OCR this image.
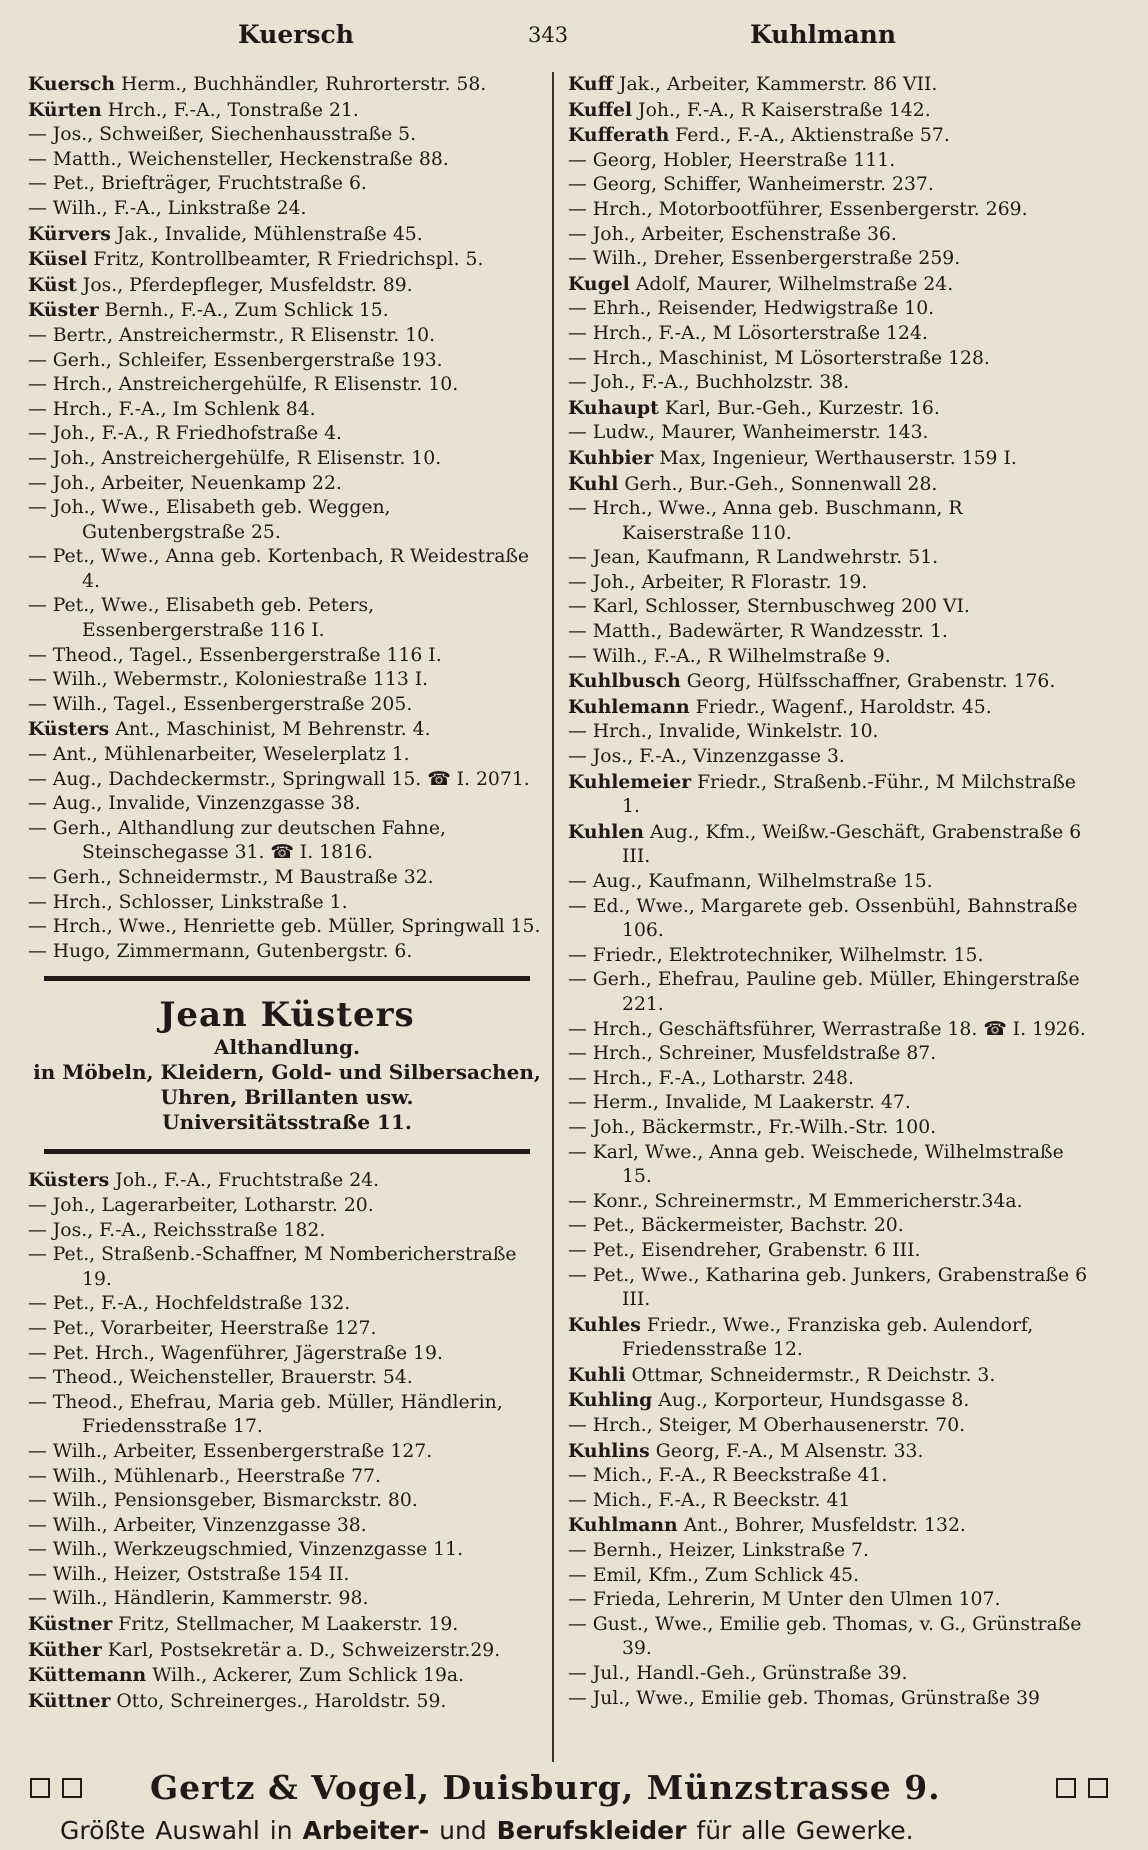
Kuersch	343	Kuhlmann
Kuersch Herm., Buchhändler, Ruhrorterstr. 58.
Kürten Hrch., F.-A., Tonstraße 21.
— Jos., Schweißer, Siechenhausstraße 5.
— Matth., Weichensteller, Heckenstraße 88.
— Pet., Briefträger, Fruchtstraße 6.
— Wilh., F.-A., Linkstraße 24.
Kürvers Jak., Invalide, Mühlenstraße 45.
Küsel Fritz, Kontrollbeamter, R Friedrichspl. 5.
Küst Jos., Pferdepfleger, Musfeldstr. 89.
Küster Bernh., F.-A., Zum Schlick 15.
— Bertr., Anstreichermstr., R Elisenstr. 10.
— Gerh., Schleifer, Essenbergerstraße 193.
— Hrch., Anstreichergehülfe, R Elisenstr. 10.
— Hrch., F.-A., Im Schlenk 84.
— Joh., F.-A., R Friedhofstraße 4.
— Joh., Anstreichergehülfe, R Elisenstr. 10.
— Joh., Arbeiter, Neuenkamp 22.
— Joh., Wwe., Elisabeth geb. Weggen, Gutenbergstraße 25.
— Pet., Wwe., Anna geb. Kortenbach, R Weidestraße 4.
— Pet., Wwe., Elisabeth geb. Peters, Essenbergerstraße 116 I.
— Theod., Tagel., Essenbergerstraße 116 I.
— Wilh., Webermstr., Koloniestraße 113 I.
— Wilh., Tagel., Essenbergerstraße 205.
Küsters Ant., Maschinist, M Behrenstr. 4.
— Ant., Mühlenarbeiter, Weselerplatz 1.
— Aug., Dachdeckermstr., Springwall 15. ☎ I. 2071.
— Aug., Invalide, Vinzenzgasse 38.
— Gerh., Althandlung zur deutschen Fahne, Steinschegasse 31. ☎ I. 1816.
— Gerh., Schneidermstr., M Baustraße 32.
— Hrch., Schlosser, Linkstraße 1.
— Hrch., Wwe., Henriette geb. Müller, Springwall 15.
— Hugo, Zimmermann, Gutenbergstr. 6.
Jean Küsters
Althandlung.
in Möbeln, Kleidern, Gold- und Silbersachen,
Uhren, Brillanten usw.
Universitätsstraße 11.
Küsters Joh., F.-A., Fruchtstraße 24.
— Joh., Lagerarbeiter, Lotharstr. 20.
— Jos., F.-A., Reichsstraße 182.
— Pet., Straßenb.-Schaffner, M Nombericherstraße 19.
— Pet., F.-A., Hochfeldstraße 132.
— Pet., Vorarbeiter, Heerstraße 127.
— Pet. Hrch., Wagenführer, Jägerstraße 19.
— Theod., Weichensteller, Brauerstr. 54.
— Theod., Ehefrau, Maria geb. Müller, Händlerin, Friedensstraße 17.
— Wilh., Arbeiter, Essenbergerstraße 127.
— Wilh., Mühlenarb., Heerstraße 77.
— Wilh., Pensionsgeber, Bismarckstr. 80.
— Wilh., Arbeiter, Vinzenzgasse 38.
— Wilh., Werkzeugschmied, Vinzenzgasse 11.
— Wilh., Heizer, Oststraße 154 II.
— Wilh., Händlerin, Kammerstr. 98.
Küstner Fritz, Stellmacher, M Laakerstr. 19.
Küther Karl, Postsekretär a. D., Schweizerstr.29.
Küttemann Wilh., Ackerer, Zum Schlick 19a.
Küttner Otto, Schreinerges., Haroldstr. 59.
Kuff Jak., Arbeiter, Kammerstr. 86 VII.
Kuffel Joh., F.-A., R Kaiserstraße 142.
Kufferath Ferd., F.-A., Aktienstraße 57.
— Georg, Hobler, Heerstraße 111.
— Georg, Schiffer, Wanheimerstr. 237.
— Hrch., Motorbootführer, Essenbergerstr. 269.
— Joh., Arbeiter, Eschenstraße 36.
— Wilh., Dreher, Essenbergerstraße 259.
Kugel Adolf, Maurer, Wilhelmstraße 24.
— Ehrh., Reisender, Hedwigstraße 10.
— Hrch., F.-A., M Lösorterstraße 124.
— Hrch., Maschinist, M Lösorterstraße 128.
— Joh., F.-A., Buchholzstr. 38.
Kuhaupt Karl, Bur.-Geh., Kurzestr. 16.
— Ludw., Maurer, Wanheimerstr. 143.
Kuhbier Max, Ingenieur, Werthauserstr. 159 I.
Kuhl Gerh., Bur.-Geh., Sonnenwall 28.
— Hrch., Wwe., Anna geb. Buschmann, R Kaiserstraße 110.
— Jean, Kaufmann, R Landwehrstr. 51.
— Joh., Arbeiter, R Florastr. 19.
— Karl, Schlosser, Sternbuschweg 200 VI.
— Matth., Badewärter, R Wandzesstr. 1.
— Wilh., F.-A., R Wilhelmstraße 9.
Kuhlbusch Georg, Hülfsschaffner, Grabenstr. 176.
Kuhlemann Friedr., Wagenf., Haroldstr. 45.
— Hrch., Invalide, Winkelstr. 10.
— Jos., F.-A., Vinzenzgasse 3.
Kuhlemeier Friedr., Straßenb.-Führ., M Milchstraße 1.
Kuhlen Aug., Kfm., Weißw.-Geschäft, Grabenstraße 6 III.
— Aug., Kaufmann, Wilhelmstraße 15.
— Ed., Wwe., Margarete geb. Ossenbühl, Bahnstraße 106.
— Friedr., Elektrotechniker, Wilhelmstr. 15.
— Gerh., Ehefrau, Pauline geb. Müller, Ehingerstraße 221.
— Hrch., Geschäftsführer, Werrastraße 18. ☎ I. 1926.
— Hrch., Schreiner, Musfeldstraße 87.
— Hrch., F.-A., Lotharstr. 248.
— Herm., Invalide, M Laakerstr. 47.
— Joh., Bäckermstr., Fr.-Wilh.-Str. 100.
— Karl, Wwe., Anna geb. Weischede, Wilhelmstraße 15.
— Konr., Schreinermstr., M Emmericherstr.34a.
— Pet., Bäckermeister, Bachstr. 20.
— Pet., Eisendreher, Grabenstr. 6 III.
— Pet., Wwe., Katharina geb. Junkers, Grabenstraße 6 III.
Kuhles Friedr., Wwe., Franziska geb. Aulendorf, Friedensstraße 12.
Kuhli Ottmar, Schneidermstr., R Deichstr. 3.
Kuhling Aug., Korporteur, Hundsgasse 8.
— Hrch., Steiger, M Oberhausenerstr. 70.
Kuhlins Georg, F.-A., M Alsenstr. 33.
— Mich., F.-A., R Beeckstraße 41.
— Mich., F.-A., R Beeckstr. 41
Kuhlmann Ant., Bohrer, Musfeldstr. 132.
— Bernh., Heizer, Linkstraße 7.
— Emil, Kfm., Zum Schlick 45.
— Frieda, Lehrerin, M Unter den Ulmen 107.
— Gust., Wwe., Emilie geb. Thomas, v. G., Grünstraße 39.
— Jul., Handl.-Geh., Grünstraße 39.
— Jul., Wwe., Emilie geb. Thomas, Grünstraße 39
Gertz & Vogel, Duisburg, Münzstrasse 9.
Größte Auswahl in Arbeiter- und Berufskleider für alle Gewerke.
